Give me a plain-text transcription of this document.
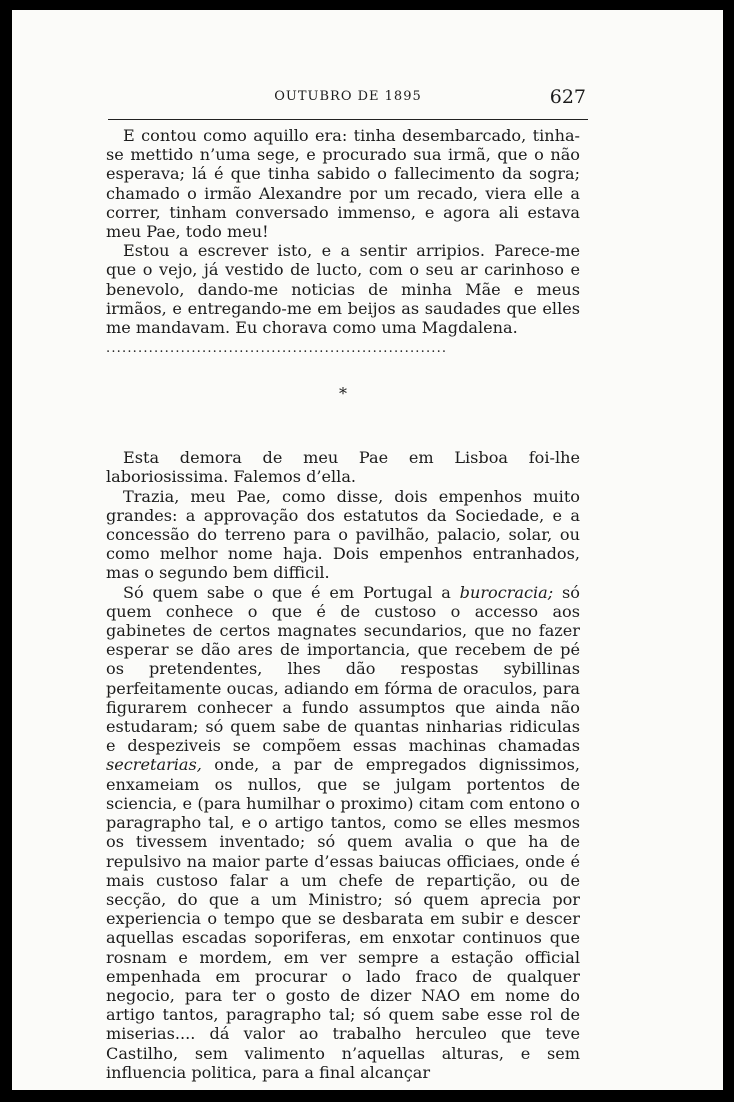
OUTUBRO DE 1895	627

E contou como aquillo era: tinha desembarcado, tinha-se mettido n’uma sege, e procurado sua irmã, que o não esperava; lá é que tinha sabido o fallecimento da sogra; chamado o irmão Alexandre por um recado, viera elle a correr, tinham conversado immenso, e agora ali estava meu Pae, todo meu!

Estou a escrever isto, e a sentir arripios. Parece-me que o vejo, já vestido de lucto, com o seu ar carinhoso e benevolo, dando-me noticias de minha Mãe e meus irmãos, e entregando-me em beijos as saudades que elles me mandavam. Eu chorava como uma Magdalena.

................................................................
*

Esta demora de meu Pae em Lisboa foi-lhe laboriosissima. Falemos d’ella.

Trazia, meu Pae, como disse, dois empenhos muito grandes: a approvação dos estatutos da Sociedade, e a concessão do terreno para o pavilhão, palacio, solar, ou como melhor nome haja. Dois empenhos entranhados, mas o segundo bem difficil.

Só quem sabe o que é em Portugal a burocracia; só quem conhece o que é de custoso o accesso aos gabinetes de certos magnates secundarios, que no fazer esperar se dão ares de importancia, que recebem de pé os pretendentes, lhes dão respostas sybillinas perfeitamente oucas, adiando em fórma de oraculos, para figurarem conhecer a fundo assumptos que ainda não estudaram; só quem sabe de quantas ninharias ridiculas e despeziveis se compõem essas machinas chamadas secretarias, onde, a par de empregados dignissimos, enxameiam os nullos, que se julgam portentos de sciencia, e (para humilhar o proximo) citam com entono o paragrapho tal, e o artigo tantos, como se elles mesmos os tivessem inventado; só quem avalia o que ha de repulsivo na maior parte d’essas baiucas officiaes, onde é mais custoso falar a um chefe de repartição, ou de secção, do que a um Ministro; só quem aprecia por experiencia o tempo que se desbarata em subir e descer aquellas escadas soporiferas, em enxotar continuos que rosnam e mordem, em ver sempre a estação official empenhada em procurar o lado fraco de qualquer negocio, para ter o gosto de dizer NAO em nome do artigo tantos, paragrapho tal; só quem sabe esse rol de miserias.... dá valor ao trabalho herculeo que teve Castilho, sem valimento n’aquellas alturas, e sem influencia politica, para a final alcançar
